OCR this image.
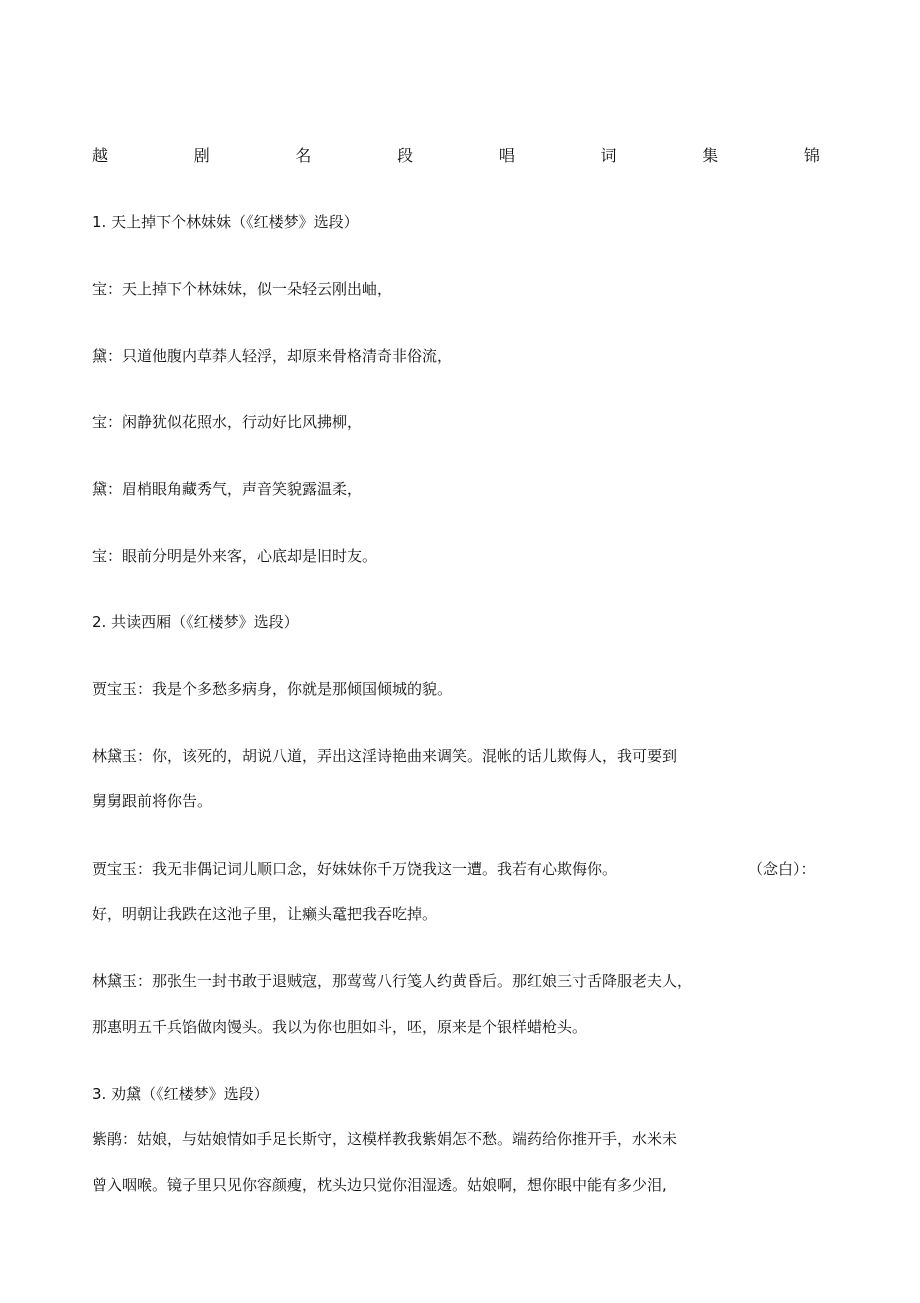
越	剧	名	段	唱	词	集	锦
1. 天上掉下个林妹妹（《红楼梦》选段）
宝：天上掉下个林妹妹，似一朵轻云刚出岫，
黛：只道他腹内草莽人轻浮，却原来骨格清奇非俗流，
宝：闲静犹似花照水，行动好比风拂柳，
黛：眉梢眼角藏秀气，声音笑貌露温柔，
宝：眼前分明是外来客，心底却是旧时友。
2. 共读西厢（《红楼梦》选段）
贾宝玉：我是个多愁多病身，你就是那倾国倾城的貌。
林黛玉：你，该死的，胡说八道，弄出这淫诗艳曲来调笑。混帐的话儿欺侮人，我可要到
舅舅跟前将你告。
贾宝玉：我无非偶记词儿顺口念，好妹妹你千万饶我这一遭。我若有心欺侮你。	（念白）：
好，明朝让我跌在这池子里，让癞头鼋把我吞吃掉。
林黛玉：那张生一封书敢于退贼寇，那莺莺八行笺人约黄昏后。那红娘三寸舌降服老夫人，
那惠明五千兵馅做肉馒头。我以为你也胆如斗，呸，原来是个银样蜡枪头。
3. 劝黛（《红楼梦》选段）
紫鹃：姑娘，与姑娘情如手足长斯守，这模样教我紫娟怎不愁。端药给你推开手，水米未
曾入咽喉。镜子里只见你容颜瘦，枕头边只觉你泪湿透。姑娘啊，想你眼中能有多少泪,
